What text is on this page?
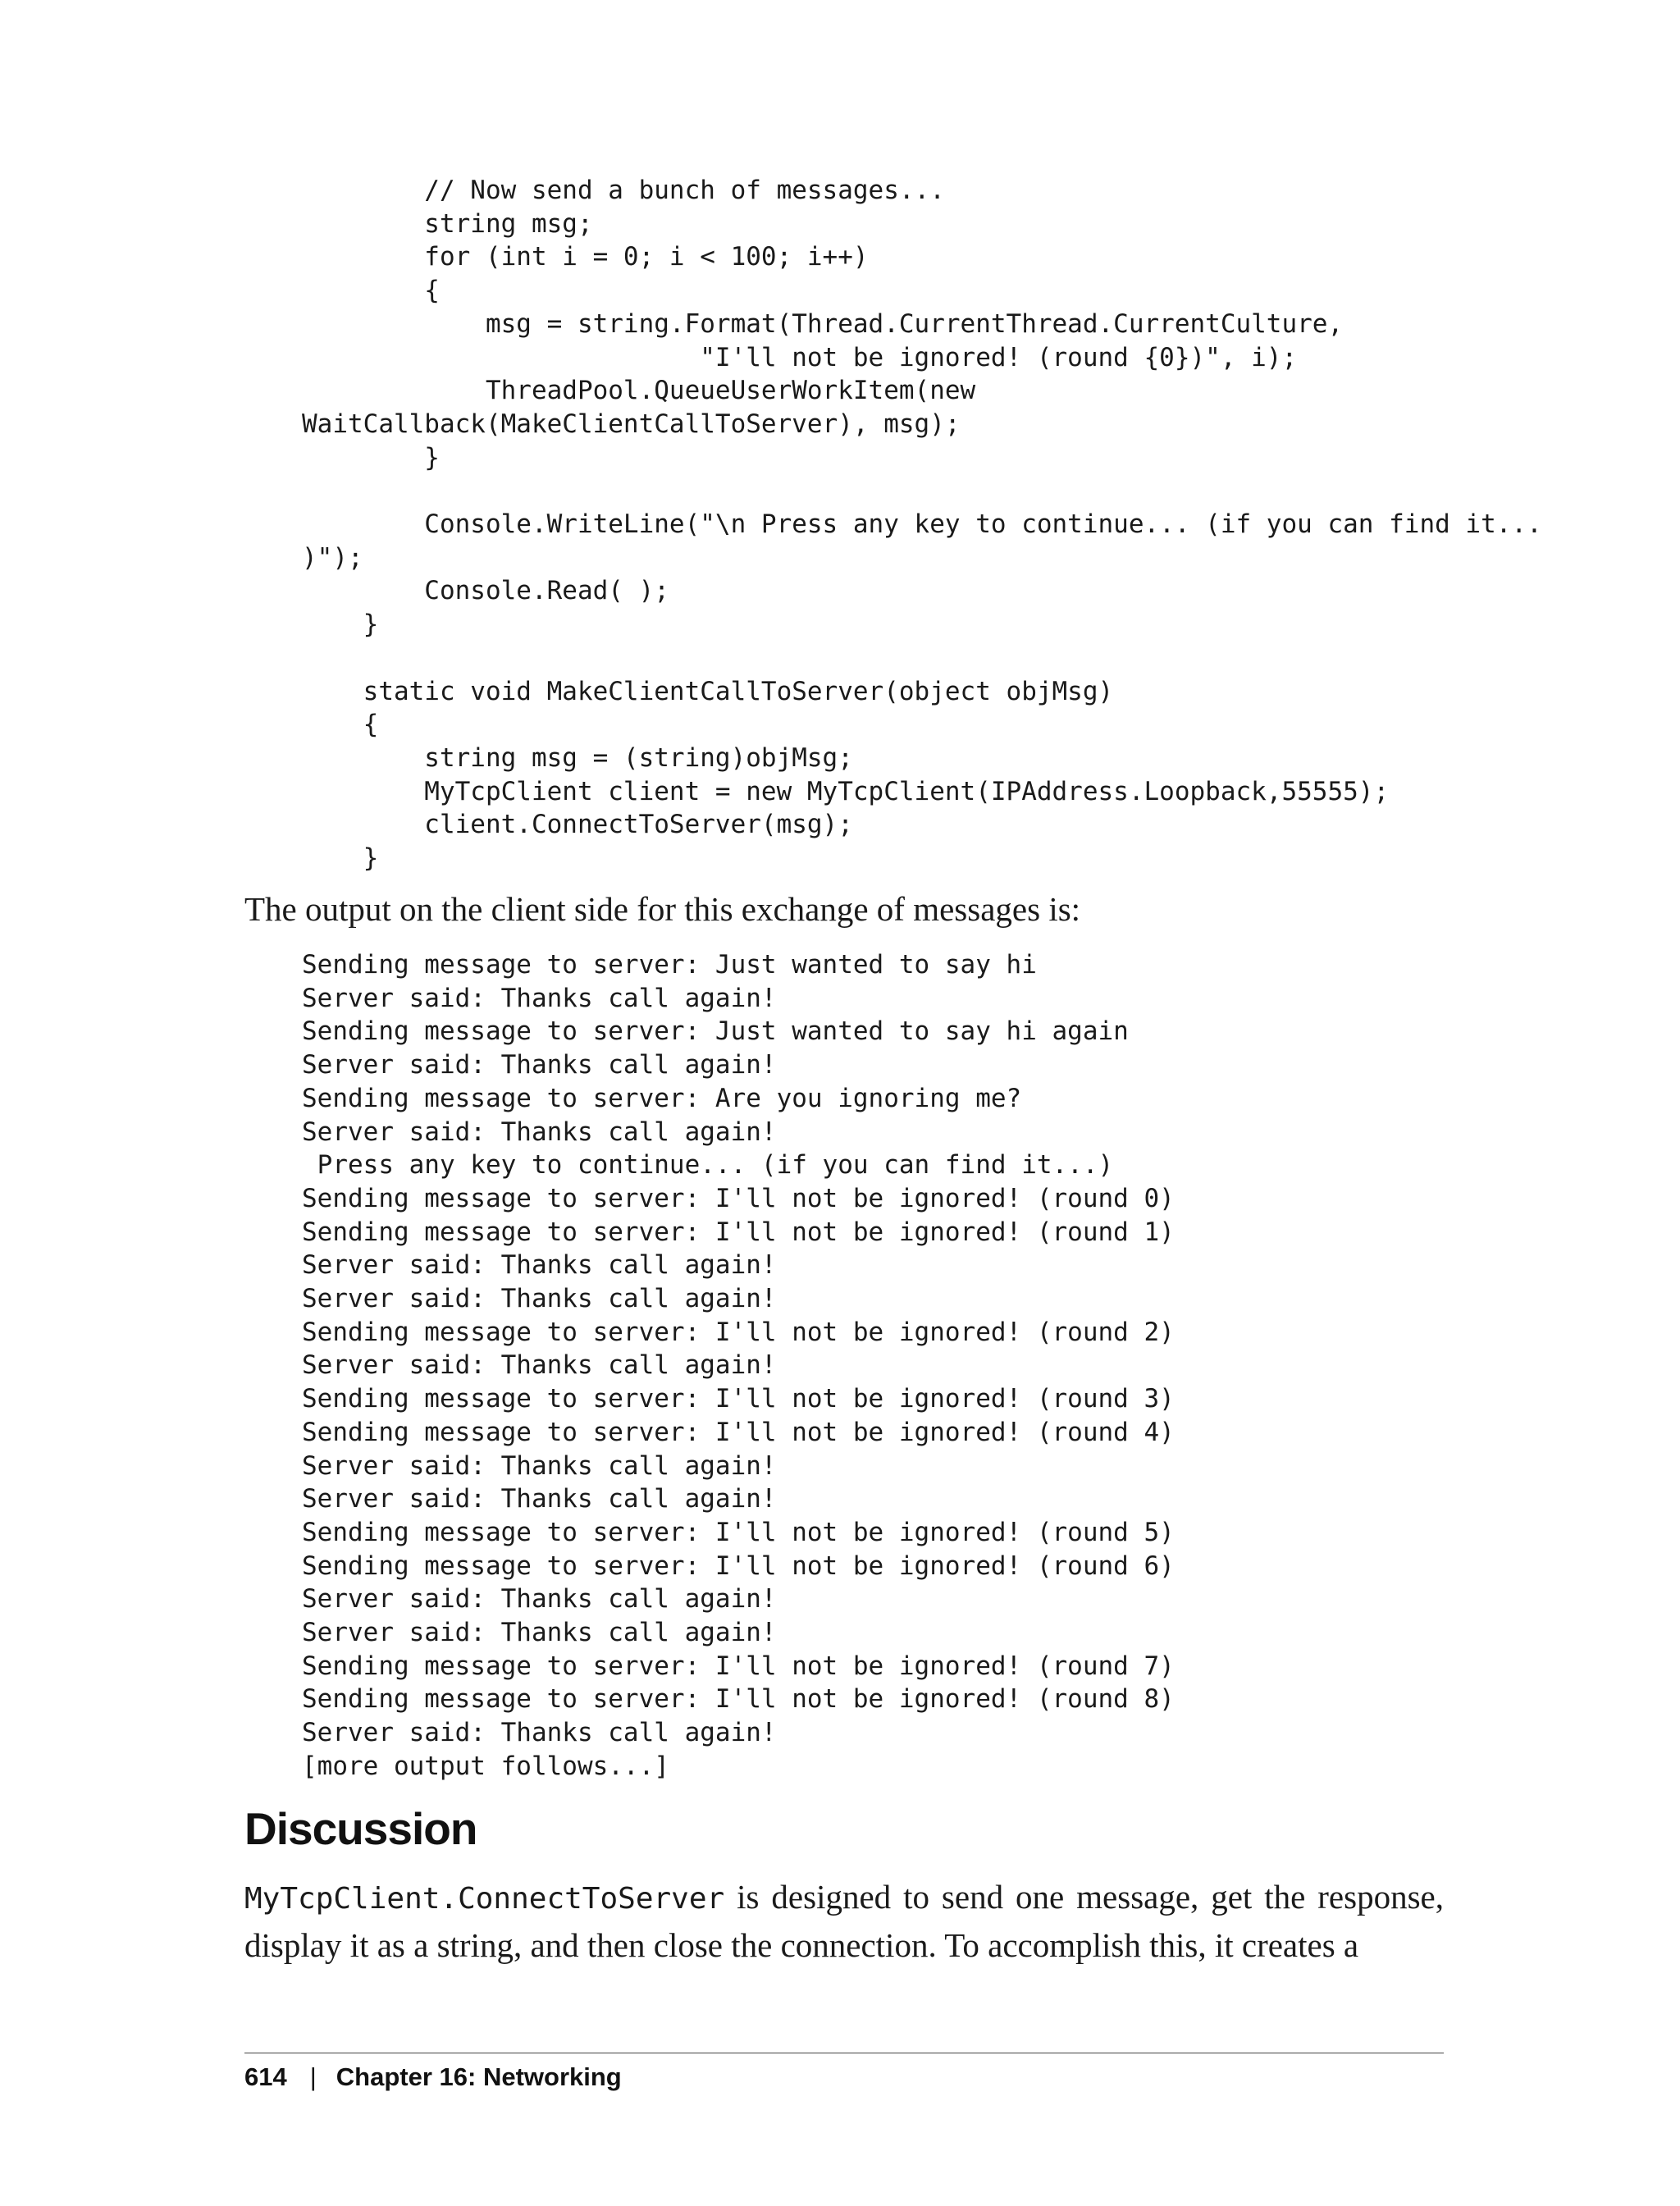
// Now send a bunch of messages...
string msg;
for (int i = 0; i < 100; i++)
{
msg = string.Format(Thread.CurrentThread.CurrentCulture,
"I'll not be ignored! (round {0})", i);
ThreadPool.QueueUserWorkItem(new
WaitCallback(MakeClientCallToServer), msg);
}

Console.WriteLine("\n Press any key to continue... (if you can find it...
)");
Console.Read( );
}

static void MakeClientCallToServer(object objMsg)
{
string msg = (string)objMsg;
MyTcpClient client = new MyTcpClient(IPAddress.Loopback,55555);
client.ConnectToServer(msg);
}

The output on the client side for this exchange of messages is:

Sending message to server: Just wanted to say hi
Server said: Thanks call again!
Sending message to server: Just wanted to say hi again
Server said: Thanks call again!
Sending message to server: Are you ignoring me?
Server said: Thanks call again!
Press any key to continue... (if you can find it...)
Sending message to server: I'll not be ignored! (round 0)
Sending message to server: I'll not be ignored! (round 1)
Server said: Thanks call again!
Server said: Thanks call again!
Sending message to server: I'll not be ignored! (round 2)
Server said: Thanks call again!
Sending message to server: I'll not be ignored! (round 3)
Sending message to server: I'll not be ignored! (round 4)
Server said: Thanks call again!
Server said: Thanks call again!
Sending message to server: I'll not be ignored! (round 5)
Sending message to server: I'll not be ignored! (round 6)
Server said: Thanks call again!
Server said: Thanks call again!
Sending message to server: I'll not be ignored! (round 7)
Sending message to server: I'll not be ignored! (round 8)
Server said: Thanks call again!
[more output follows...]
Discussion

MyTcpClient.ConnectToServer is designed to send one message, get the response, display it as a string, and then close the connection. To accomplish this, it creates a

614 | Chapter 16: Networking
